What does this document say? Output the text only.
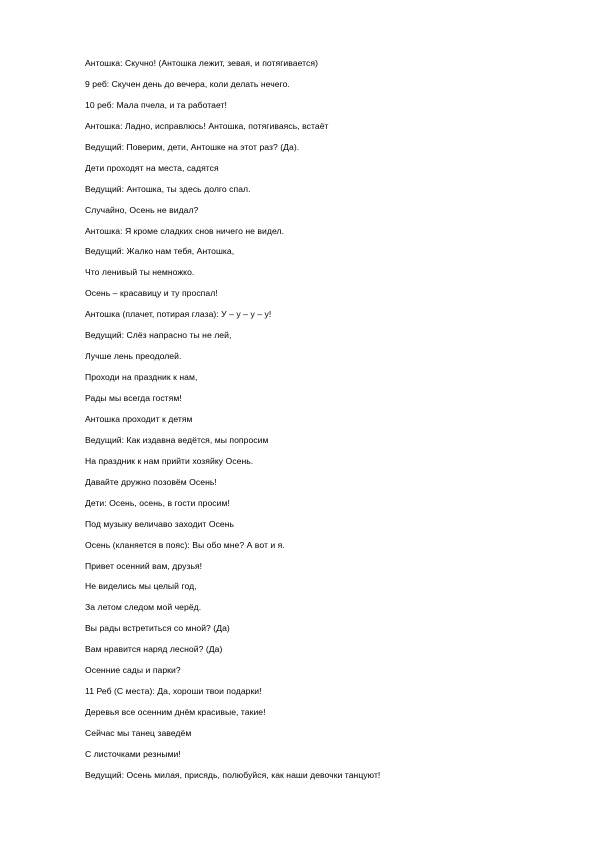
Антошка: Скучно! (Антошка лежит, зевая, и потягивается)
9 реб: Скучен день до вечера, коли делать нечего.
10 реб: Мала пчела, и та работает!
Антошка: Ладно, исправлюсь! Антошка, потягиваясь, встаёт
Ведущий: Поверим, дети, Антошке на этот раз? (Да).
Дети проходят на места, садятся
Ведущий: Антошка, ты здесь долго спал.
Случайно, Осень не видал?
Антошка: Я кроме сладких снов ничего не видел.
Ведущий: Жалко нам тебя, Антошка,
Что ленивый ты немножко.
Осень – красавицу и ту проспал!
Антошка (плачет, потирая глаза): У – у – у – у!
Ведущий: Слёз напрасно ты не лей,
Лучше лень преодолей.
Проходи на праздник к нам,
Рады мы всегда гостям!
Антошка проходит к детям
Ведущий: Как издавна ведётся, мы попросим
На праздник к нам прийти хозяйку Осень.
Давайте дружно позовём Осень!
Дети: Осень, осень, в гости просим!
Под музыку величаво заходит Осень
Осень (кланяется в пояс): Вы обо мне? А вот и я.
Привет осенний вам, друзья!
Не виделись мы целый год,
За летом следом мой черёд.
Вы рады встретиться со мной? (Да)
Вам нравится наряд лесной? (Да)
Осенние сады и парки?
11 Реб (С места): Да, хороши твои подарки!
Деревья все осенним днём красивые, такие!
Сейчас мы танец заведём
С листочками резными!
Ведущий: Осень милая, присядь, полюбуйся, как наши девочки танцуют!
